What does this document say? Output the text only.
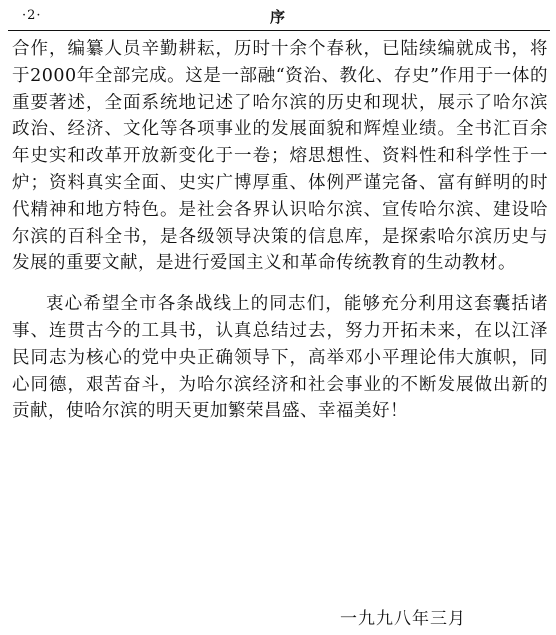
·2·	序

合作，编纂人员辛勤耕耘，历时十余个春秋，已陆续编就成书，将于2000年全部完成。这是一部融“资治、教化、存史”作用于一体的重要著述，全面系统地记述了哈尔滨的历史和现状，展示了哈尔滨政治、经济、文化等各项事业的发展面貌和辉煌业绩。全书汇百余年史实和改革开放新变化于一卷；熔思想性、资料性和科学性于一炉；资料真实全面、史实广博厚重、体例严谨完备、富有鲜明的时代精神和地方特色。是社会各界认识哈尔滨、宣传哈尔滨、建设哈尔滨的百科全书，是各级领导决策的信息库，是探索哈尔滨历史与发展的重要文献，是进行爱国主义和革命传统教育的生动教材。

衷心希望全市各条战线上的同志们，能够充分利用这套囊括诸事、连贯古今的工具书，认真总结过去，努力开拓未来，在以江泽民同志为核心的党中央正确领导下，高举邓小平理论伟大旗帜，同心同德，艰苦奋斗，为哈尔滨经济和社会事业的不断发展做出新的贡献，使哈尔滨的明天更加繁荣昌盛、幸福美好！

一九九八年三月
